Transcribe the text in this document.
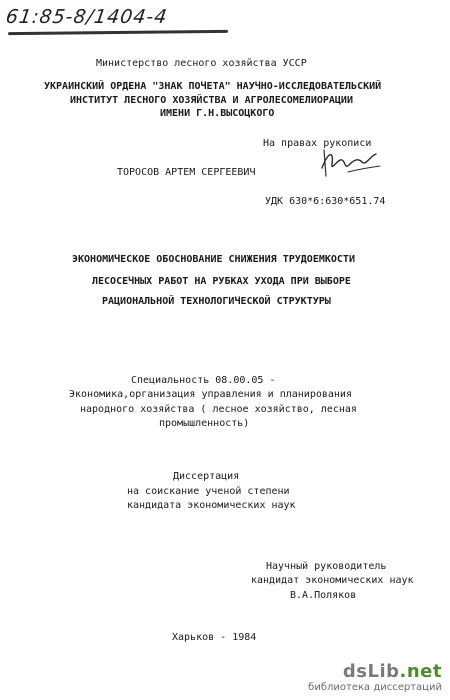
61:85-8/1404-4
Министерство лесного хозяйства УССР
УКРАИНСКИЙ ОРДЕНА "ЗНАК ПОЧЕТА" НАУЧНО-ИССЛЕДОВАТЕЛЬСКИЙ
ИНСТИТУТ ЛЕСНОГО ХОЗЯЙСТВА И АГРОЛЕСОМЕЛИОРАЦИИ
ИМЕНИ Г.Н.ВЫСОЦКОГО
На правах рукописи
ТОРОСОВ АРТЕМ СЕРГЕЕВИЧ
УДК 630*6:630*651.74
ЭКОНОМИЧЕСКОЕ ОБОСНОВАНИЕ СНИЖЕНИЯ ТРУДОЕМКОСТИ
ЛЕСОСЕЧНЫХ РАБОТ НА РУБКАХ УХОДА ПРИ ВЫБОРЕ
РАЦИОНАЛЬНОЙ ТЕХНОЛОГИЧЕСКОЙ СТРУКТУРЫ
Специальность 08.00.05 -
Экономика,организация управления и планирования
народного хозяйства ( лесное хозяйство, лесная
промышленность)
Диссертация
на соискание ученой степени
кандидата экономических наук
Научный руководитель
кандидат экономических наук
В.А.Поляков
Харьков - 1984
dsLib.net
библиотека диссертаций
